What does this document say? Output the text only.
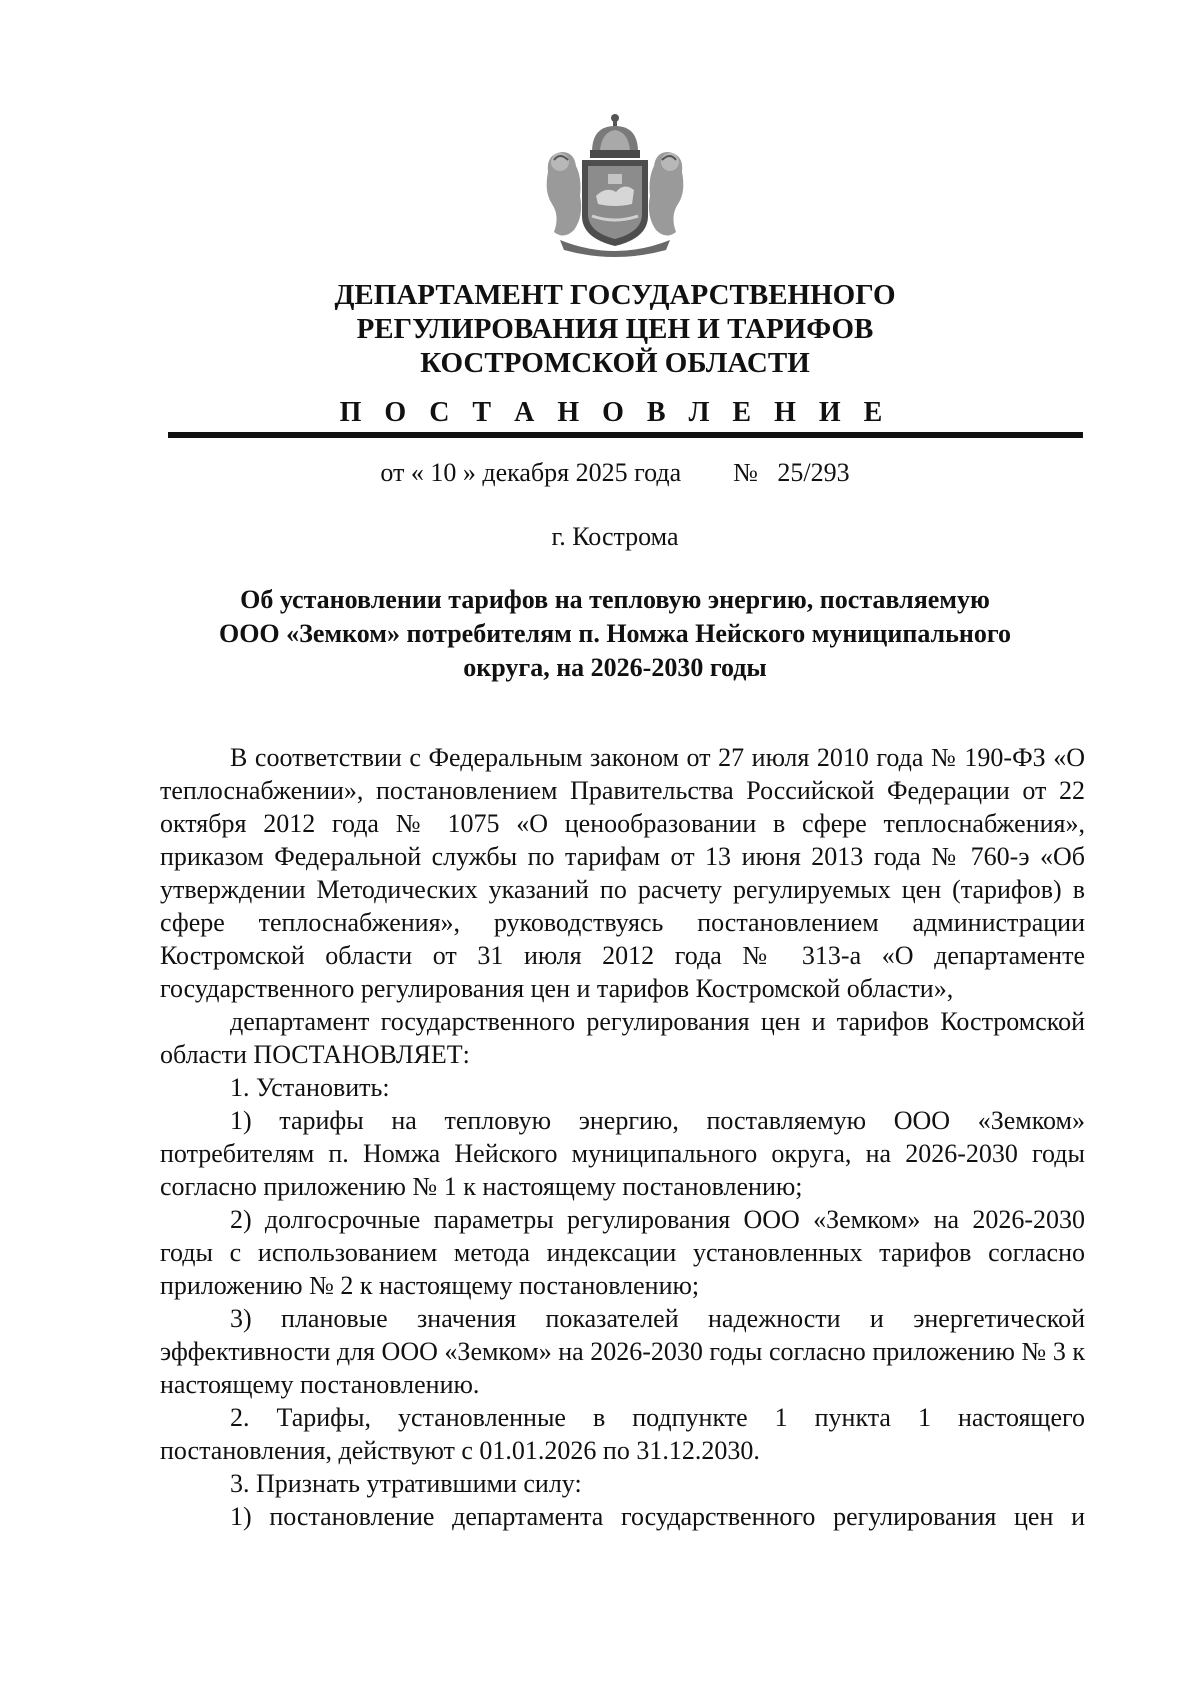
ДЕПАРТАМЕНТ ГОСУДАРСТВЕННОГО
РЕГУЛИРОВАНИЯ ЦЕН И ТАРИФОВ
КОСТРОМСКОЙ ОБЛАСТИ
П О С Т А Н О В Л Е Н И Е
от « 10 » декабря 2025 года        №   25/293
г. Кострома
Об установлении тарифов на тепловую энергию, поставляемую
ООО «Земком» потребителям п. Номжа Нейского муниципального
округа, на 2026-2030 годы

В соответствии с Федеральным законом от 27 июля 2010 года № 190-ФЗ «О теплоснабжении», постановлением Правительства Российской Федерации от 22 октября 2012 года № 1075 «О ценообразовании в сфере теплоснабжения», приказом Федеральной службы по тарифам от 13 июня 2013 года № 760-э «Об утверждении Методических указаний по расчету регулируемых цен (тарифов) в сфере теплоснабжения», руководствуясь постановлением администрации Костромской области от 31 июля 2012 года № 313-а «О департаменте государственного регулирования цен и тарифов Костромской области»,

департамент государственного регулирования цен и тарифов Костромской области ПОСТАНОВЛЯЕТ:

1. Установить:

1) тарифы на тепловую энергию, поставляемую ООО «Земком» потребителям п. Номжа Нейского муниципального округа, на 2026-2030 годы согласно приложению № 1 к настоящему постановлению;

2) долгосрочные параметры регулирования ООО «Земком» на 2026-2030 годы с использованием метода индексации установленных тарифов согласно приложению № 2 к настоящему постановлению;

3) плановые значения показателей надежности и энергетической эффективности для ООО «Земком» на 2026-2030 годы согласно приложению № 3 к настоящему постановлению.

2. Тарифы, установленные в подпункте 1 пункта 1 настоящего постановления, действуют с 01.01.2026 по 31.12.2030.

3. Признать утратившими силу:

1) постановление департамента государственного регулирования цен и
